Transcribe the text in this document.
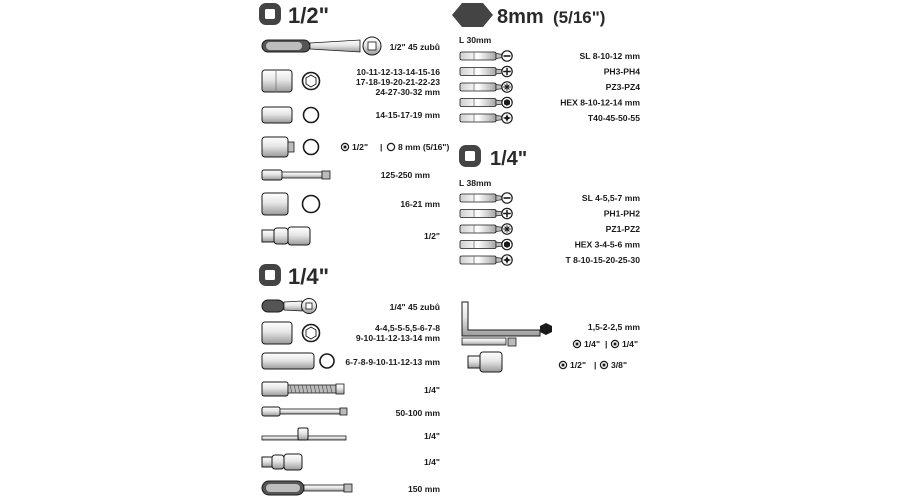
1/2"
1/2" 45 zubů
10-11-12-13-14-15-16
17-18-19-20-21-22-23
24-27-30-32 mm
14-15-17-19 mm
1/2" | 8 mm (5/16")
125-250 mm
16-21 mm
1/2"
1/4"
1/4" 45 zubů
4-4,5-5-5,5-6-7-8
9-10-11-12-13-14 mm
6-7-8-9-10-11-12-13 mm
1/4"
50-100 mm
1/4"
1/4"
150 mm
8mm (5/16")
L 30mm
SL 8-10-12 mm
PH3-PH4
PZ3-PZ4
HEX 8-10-12-14 mm
T40-45-50-55
1/4"
L 38mm
SL 4-5,5-7 mm
PH1-PH2
PZ1-PZ2
HEX 3-4-5-6 mm
T 8-10-15-20-25-30
1,5-2-2,5 mm
1/4" | 1/4"
1/2" | 3/8"
